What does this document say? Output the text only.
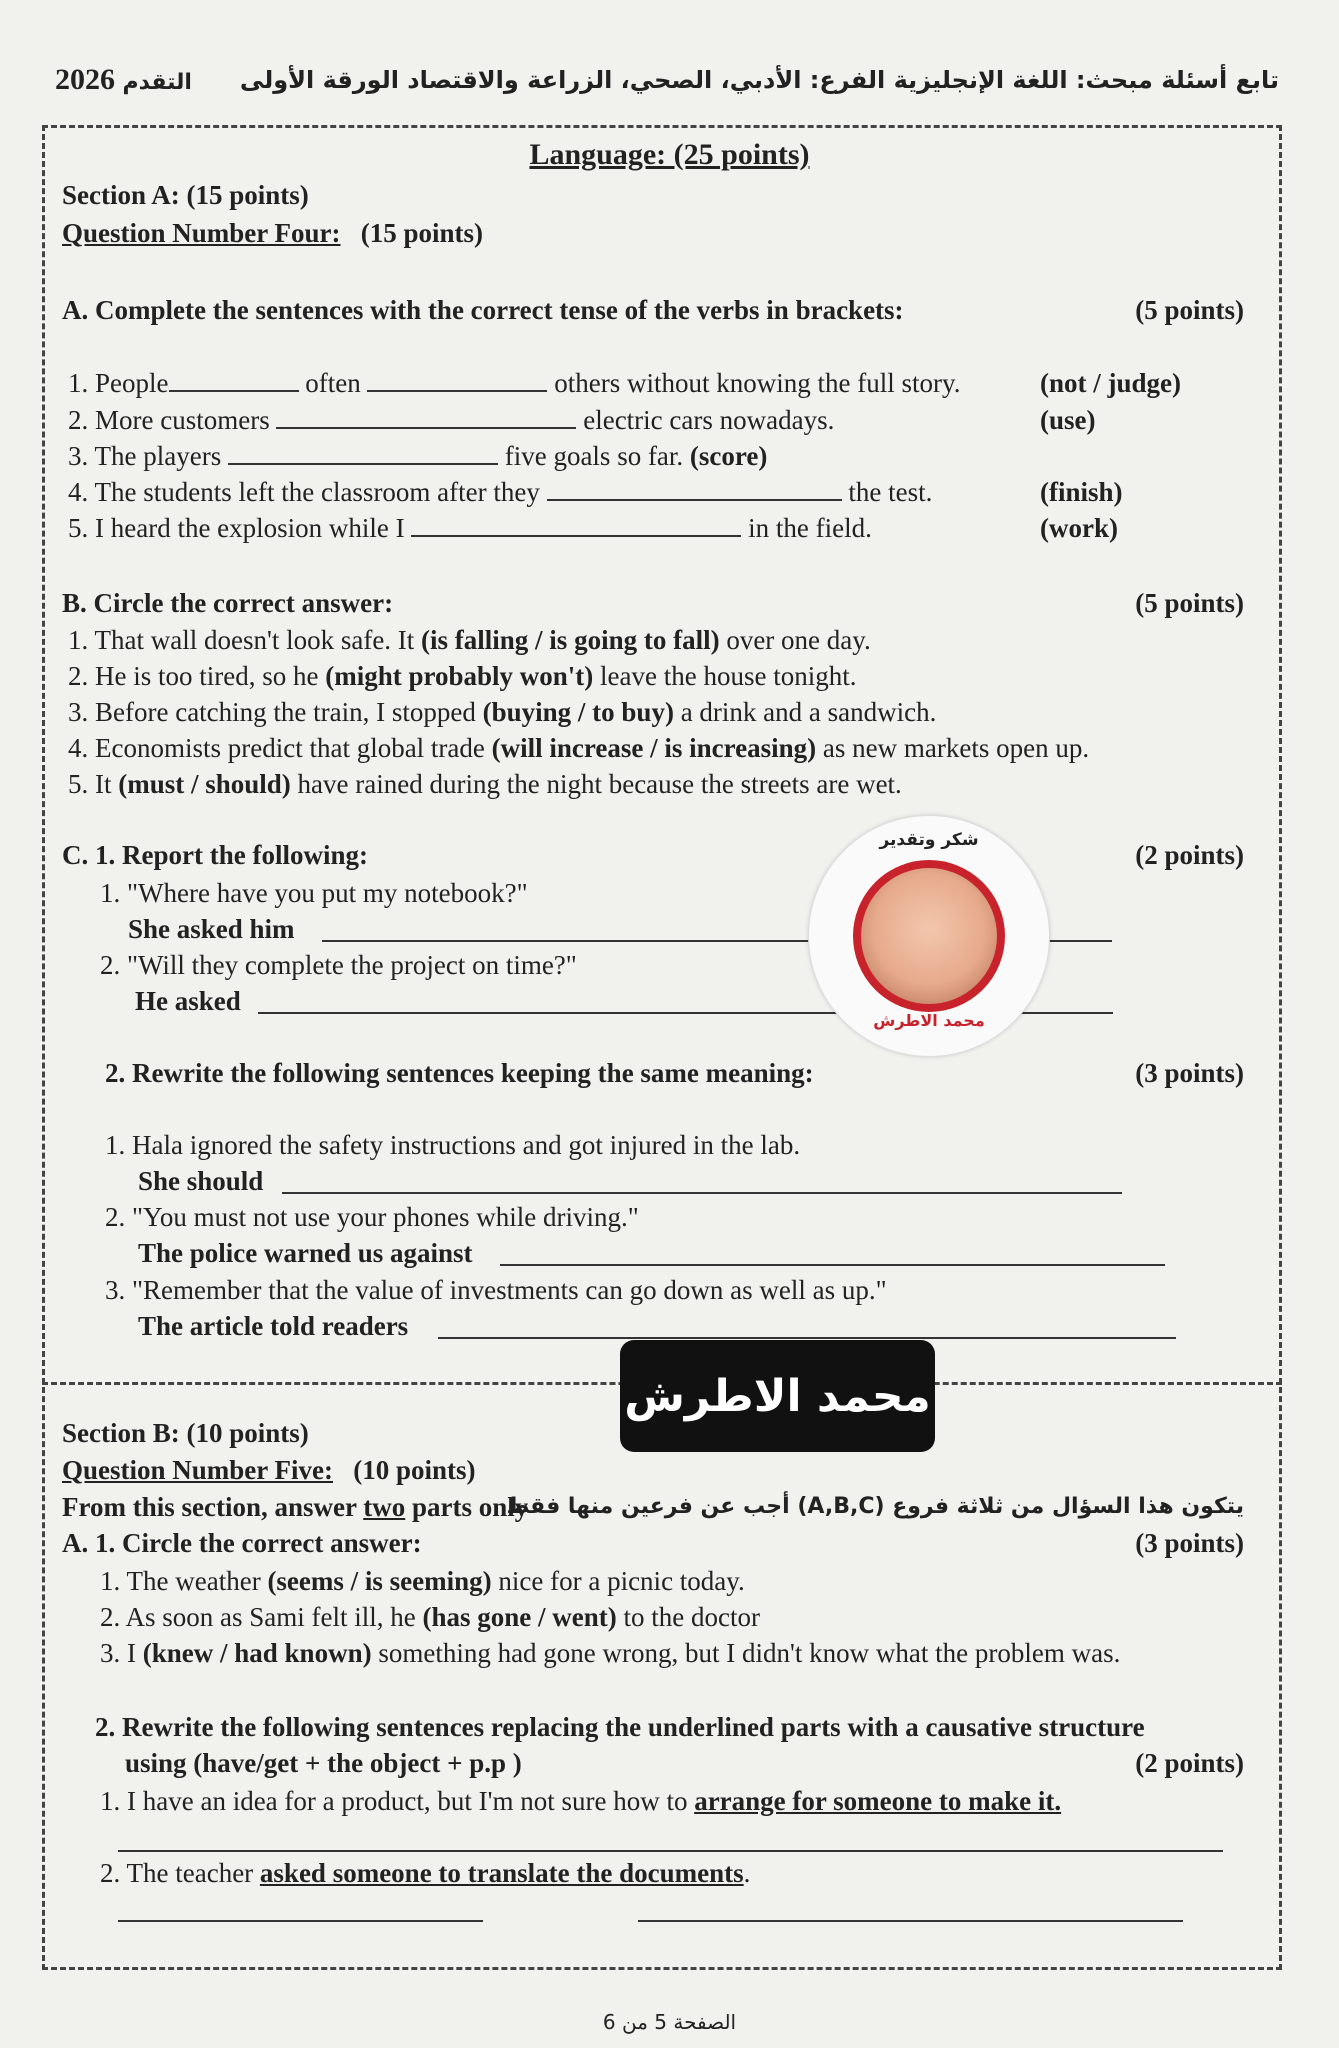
2026 التقدم تابع أسئلة مبحث: اللغة الإنجليزية الفرع: الأدبي، الصحي، الزراعة والاقتصاد الورقة الأولى
Language: (25 points)
Section A: (15 points)
Question Number Four: (15 points)
A. Complete the sentences with the correct tense of the verbs in brackets:	(5 points)
1. People	often	others without knowing the full story.	(not / judge)
2. More customers	electric cars nowadays.	(use)
3. The players	five goals so far. (score)
4. The students left the classroom after they	the test.	(finish)
5. I heard the explosion while I	in the field.	(work)
B. Circle the correct answer:	(5 points)
1. That wall doesn't look safe. It (is falling / is going to fall) over one day.
2. He is too tired, so he (might probably won't) leave the house tonight.
3. Before catching the train, I stopped (buying / to buy) a drink and a sandwich.
4. Economists predict that global trade (will increase / is increasing) as new markets open up.
5. It (must / should) have rained during the night because the streets are wet.
C. 1. Report the following:	(2 points)
1. "Where have you put my notebook?"
She asked him
2. "Will they complete the project on time?"
He asked
2. Rewrite the following sentences keeping the same meaning:	(3 points)
1. Hala ignored the safety instructions and got injured in the lab.
She should
2. "You must not use your phones while driving."
The police warned us against
3. "Remember that the value of investments can go down as well as up."
The article told readers
شكر وتقدير
محمد الاطرش
محمد الاطرش
Section B: (10 points)
Question Number Five: (10 points)
From this section, answer two parts only
يتكون هذا السؤال من ثلاثة فروع (A,B,C) أجب عن فرعين منها فقط
A. 1. Circle the correct answer:	(3 points)
1. The weather (seems / is seeming) nice for a picnic today.
2. As soon as Sami felt ill, he (has gone / went) to the doctor
3. I (knew / had known) something had gone wrong, but I didn't know what the problem was.
2. Rewrite the following sentences replacing the underlined parts with a causative structure
using (have/get + the object + p.p )	(2 points)
1. I have an idea for a product, but I'm not sure how to arrange for someone to make it.
2. The teacher asked someone to translate the documents.
الصفحة 5 من 6
